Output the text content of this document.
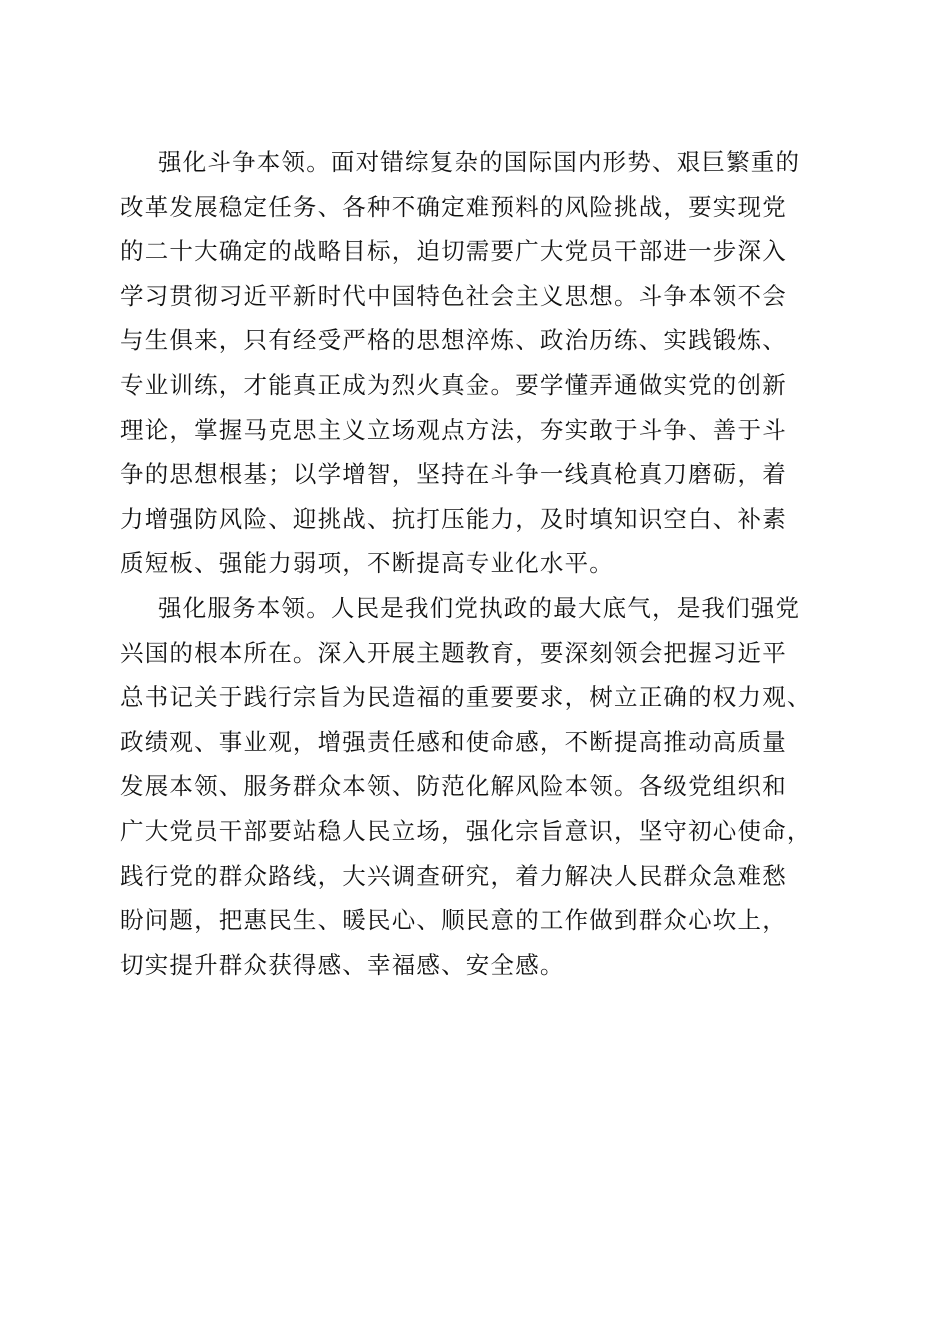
强化斗争本领。面对错综复杂的国际国内形势、艰巨繁重的
改革发展稳定任务、各种不确定难预料的风险挑战，要实现党
的二十大确定的战略目标，迫切需要广大党员干部进一步深入
学习贯彻习近平新时代中国特色社会主义思想。斗争本领不会
与生俱来，只有经受严格的思想淬炼、政治历练、实践锻炼、
专业训练，才能真正成为烈火真金。要学懂弄通做实党的创新
理论，掌握马克思主义立场观点方法，夯实敢于斗争、善于斗
争的思想根基；以学增智，坚持在斗争一线真枪真刀磨砺，着
力增强防风险、迎挑战、抗打压能力，及时填知识空白、补素
质短板、强能力弱项，不断提高专业化水平。
强化服务本领。人民是我们党执政的最大底气，是我们强党
兴国的根本所在。深入开展主题教育，要深刻领会把握习近平
总书记关于践行宗旨为民造福的重要要求，树立正确的权力观、
政绩观、事业观，增强责任感和使命感，不断提高推动高质量
发展本领、服务群众本领、防范化解风险本领。各级党组织和
广大党员干部要站稳人民立场，强化宗旨意识，坚守初心使命，
践行党的群众路线，大兴调查研究，着力解决人民群众急难愁
盼问题，把惠民生、暖民心、顺民意的工作做到群众心坎上，
切实提升群众获得感、幸福感、安全感。
